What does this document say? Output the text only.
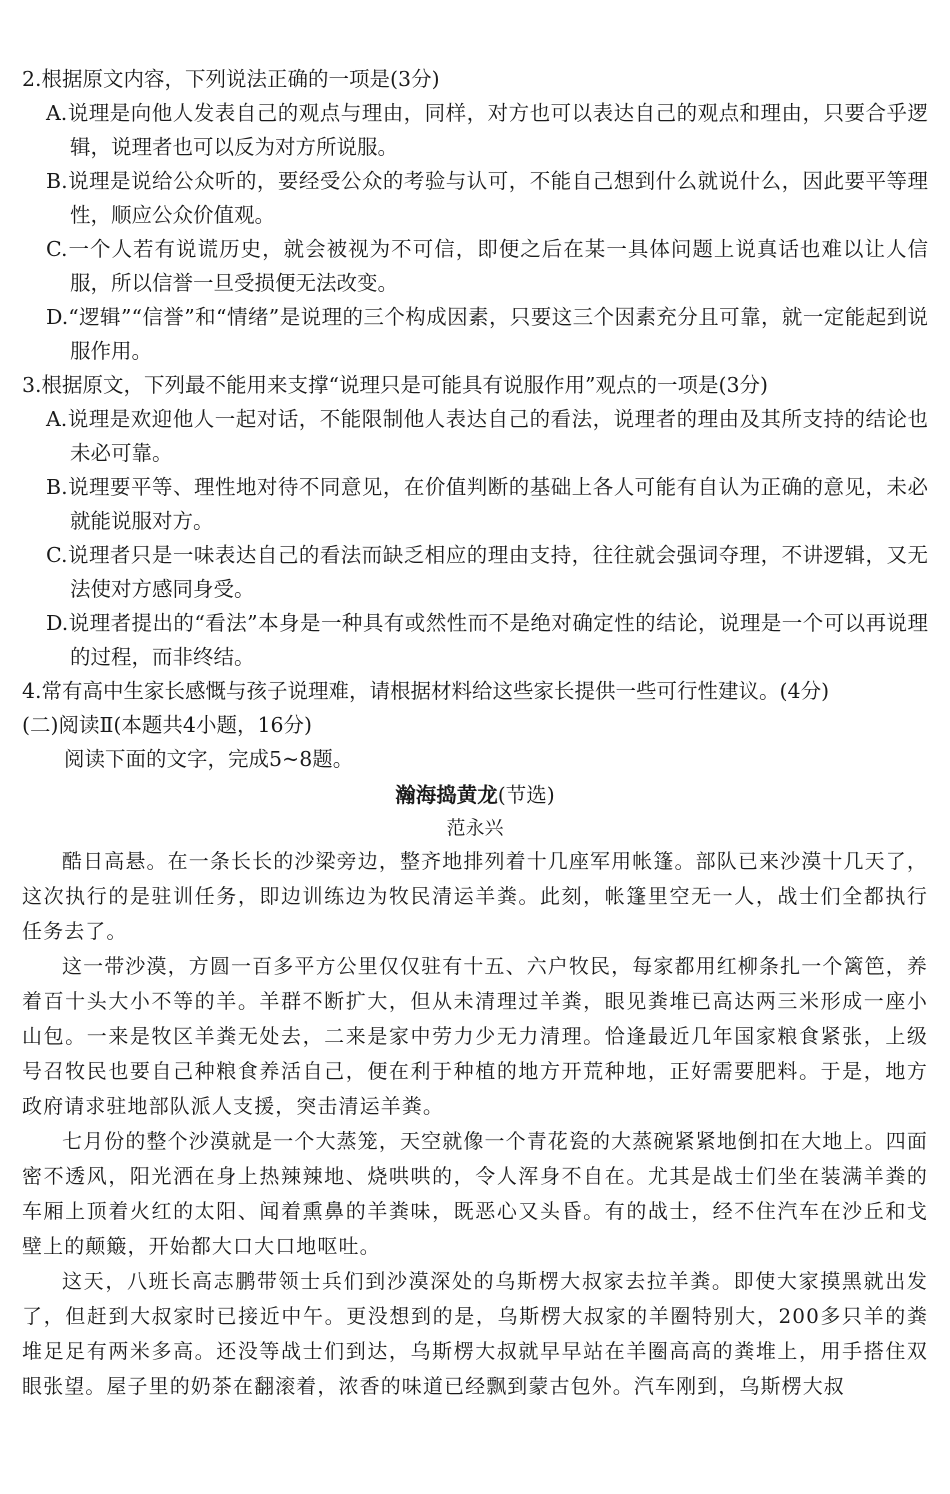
2.根据原文内容，下列说法正确的一项是(3分)

A.说理是向他人发表自己的观点与理由，同样，对方也可以表达自己的观点和理由，只要合乎逻辑，说理者也可以反为对方所说服。

B.说理是说给公众听的，要经受公众的考验与认可，不能自己想到什么就说什么，因此要平等理性，顺应公众价值观。

C.一个人若有说谎历史，就会被视为不可信，即便之后在某一具体问题上说真话也难以让人信服，所以信誉一旦受损便无法改变。

D.“逻辑”“信誉”和“情绪”是说理的三个构成因素，只要这三个因素充分且可靠，就一定能起到说服作用。

3.根据原文，下列最不能用来支撑“说理只是可能具有说服作用”观点的一项是(3分)

A.说理是欢迎他人一起对话，不能限制他人表达自己的看法，说理者的理由及其所支持的结论也未必可靠。

B.说理要平等、理性地对待不同意见，在价值判断的基础上各人可能有自认为正确的意见，未必就能说服对方。

C.说理者只是一味表达自己的看法而缺乏相应的理由支持，往往就会强词夺理，不讲逻辑，又无法使对方感同身受。

D.说理者提出的“看法”本身是一种具有或然性而不是绝对确定性的结论，说理是一个可以再说理的过程，而非终结。

4.常有高中生家长感慨与孩子说理难，请根据材料给这些家长提供一些可行性建议。(4分)

(二)阅读Ⅱ(本题共4小题，16分)

阅读下面的文字，完成5~8题。

瀚海捣黄龙(节选)

范永兴

酷日高悬。在一条长长的沙梁旁边，整齐地排列着十几座军用帐篷。部队已来沙漠十几天了，这次执行的是驻训任务，即边训练边为牧民清运羊粪。此刻，帐篷里空无一人，战士们全都执行任务去了。

这一带沙漠，方圆一百多平方公里仅仅驻有十五、六户牧民，每家都用红柳条扎一个篱笆，养着百十头大小不等的羊。羊群不断扩大，但从未清理过羊粪，眼见粪堆已高达两三米形成一座小山包。一来是牧区羊粪无处去，二来是家中劳力少无力清理。恰逢最近几年国家粮食紧张，上级号召牧民也要自己种粮食养活自己，便在利于种植的地方开荒种地，正好需要肥料。于是，地方政府请求驻地部队派人支援，突击清运羊粪。

七月份的整个沙漠就是一个大蒸笼，天空就像一个青花瓷的大蒸碗紧紧地倒扣在大地上。四面密不透风，阳光洒在身上热辣辣地、烧哄哄的，令人浑身不自在。尤其是战士们坐在装满羊粪的车厢上顶着火红的太阳、闻着熏鼻的羊粪味，既恶心又头昏。有的战士，经不住汽车在沙丘和戈壁上的颠簸，开始都大口大口地呕吐。

这天，八班长高志鹏带领士兵们到沙漠深处的乌斯楞大叔家去拉羊粪。即使大家摸黑就出发了，但赶到大叔家时已接近中午。更没想到的是，乌斯楞大叔家的羊圈特别大，200多只羊的粪堆足足有两米多高。还没等战士们到达，乌斯楞大叔就早早站在羊圈高高的粪堆上，用手搭住双眼张望。屋子里的奶茶在翻滚着，浓香的味道已经飘到蒙古包外。汽车刚到，乌斯楞大叔
